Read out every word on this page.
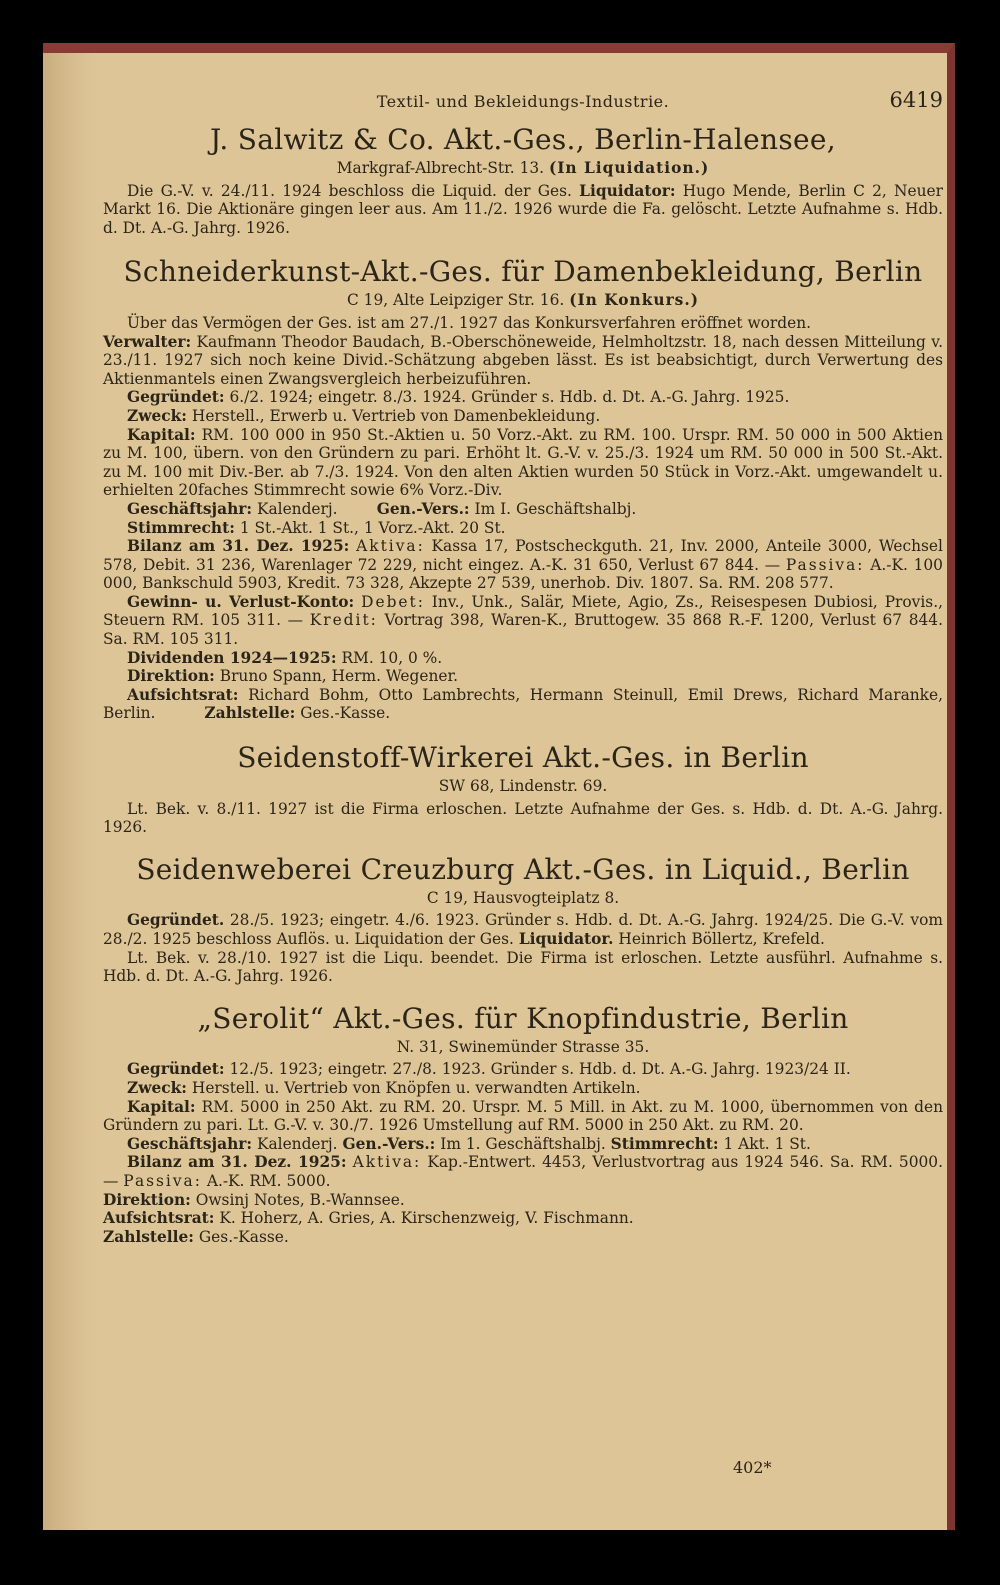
Textil- und Bekleidungs-Industrie.	6419
J. Salwitz & Co. Akt.-Ges., Berlin-Halensee,
Markgraf-Albrecht-Str. 13. (In Liquidation.)

Die G.-V. v. 24./11. 1924 beschloss die Liquid. der Ges. Liquidator: Hugo Mende, Berlin C 2, Neuer Markt 16. Die Aktionäre gingen leer aus. Am 11./2. 1926 wurde die Fa. gelöscht. Letzte Aufnahme s. Hdb. d. Dt. A.-G. Jahrg. 1926.

Schneiderkunst-Akt.-Ges. für Damenbekleidung, Berlin
C 19, Alte Leipziger Str. 16. (In Konkurs.)

Über das Vermögen der Ges. ist am 27./1. 1927 das Konkursverfahren eröffnet worden.

Verwalter: Kaufmann Theodor Baudach, B.-Oberschöneweide, Helmholtzstr. 18, nach dessen Mitteilung v. 23./11. 1927 sich noch keine Divid.-Schätzung abgeben lässt. Es ist beabsichtigt, durch Verwertung des Aktienmantels einen Zwangsvergleich herbeizuführen.

Gegründet: 6./2. 1924; eingetr. 8./3. 1924. Gründer s. Hdb. d. Dt. A.-G. Jahrg. 1925.

Zweck: Herstell., Erwerb u. Vertrieb von Damenbekleidung.

Kapital: RM. 100 000 in 950 St.-Aktien u. 50 Vorz.-Akt. zu RM. 100. Urspr. RM. 50 000 in 500 Aktien zu M. 100, übern. von den Gründern zu pari. Erhöht lt. G.-V. v. 25./3. 1924 um RM. 50 000 in 500 St.-Akt. zu M. 100 mit Div.-Ber. ab 7./3. 1924. Von den alten Aktien wurden 50 Stück in Vorz.-Akt. umgewandelt u. erhielten 20faches Stimmrecht sowie 6% Vorz.-Div.

Geschäftsjahr: Kalenderj.	Gen.-Vers.: Im I. Geschäftshalbj.

Stimmrecht: 1 St.-Akt. 1 St., 1 Vorz.-Akt. 20 St.

Bilanz am 31. Dez. 1925: Aktiva: Kassa 17, Postscheckguth. 21, Inv. 2000, Anteile 3000, Wechsel 578, Debit. 31 236, Warenlager 72 229, nicht eingez. A.-K. 31 650, Verlust 67 844. — Passiva: A.-K. 100 000, Bankschuld 5903, Kredit. 73 328, Akzepte 27 539, unerhob. Div. 1807. Sa. RM. 208 577.

Gewinn- u. Verlust-Konto: Debet: Inv., Unk., Salär, Miete, Agio, Zs., Reisespesen Dubiosi, Provis., Steuern RM. 105 311. — Kredit: Vortrag 398, Waren-K., Bruttogew. 35 868 R.-F. 1200, Verlust 67 844. Sa. RM. 105 311.

Dividenden 1924—1925: RM. 10, 0 %.

Direktion: Bruno Spann, Herm. Wegener.

Aufsichtsrat: Richard Bohm, Otto Lambrechts, Hermann Steinull, Emil Drews, Richard Maranke, Berlin.	Zahlstelle: Ges.-Kasse.

Seidenstoff-Wirkerei Akt.-Ges. in Berlin
SW 68, Lindenstr. 69.

Lt. Bek. v. 8./11. 1927 ist die Firma erloschen. Letzte Aufnahme der Ges. s. Hdb. d. Dt. A.-G. Jahrg. 1926.

Seidenweberei Creuzburg Akt.-Ges. in Liquid., Berlin
C 19, Hausvogteiplatz 8.

Gegründet. 28./5. 1923; eingetr. 4./6. 1923. Gründer s. Hdb. d. Dt. A.-G. Jahrg. 1924/25. Die G.-V. vom 28./2. 1925 beschloss Auflös. u. Liquidation der Ges. Liquidator. Heinrich Böllertz, Krefeld.

Lt. Bek. v. 28./10. 1927 ist die Liqu. beendet. Die Firma ist erloschen. Letzte ausführl. Aufnahme s. Hdb. d. Dt. A.-G. Jahrg. 1926.

„Serolit“ Akt.-Ges. für Knopfindustrie, Berlin
N. 31, Swinemünder Strasse 35.

Gegründet: 12./5. 1923; eingetr. 27./8. 1923. Gründer s. Hdb. d. Dt. A.-G. Jahrg. 1923/24 II.

Zweck: Herstell. u. Vertrieb von Knöpfen u. verwandten Artikeln.

Kapital: RM. 5000 in 250 Akt. zu RM. 20. Urspr. M. 5 Mill. in Akt. zu M. 1000, übernommen von den Gründern zu pari. Lt. G.-V. v. 30./7. 1926 Umstellung auf RM. 5000 in 250 Akt. zu RM. 20.

Geschäftsjahr: Kalenderj. Gen.-Vers.: Im 1. Geschäftshalbj. Stimmrecht: 1 Akt. 1 St.

Bilanz am 31. Dez. 1925: Aktiva: Kap.-Entwert. 4453, Verlustvortrag aus 1924 546. Sa. RM. 5000. — Passiva: A.-K. RM. 5000.

Direktion: Owsinj Notes, B.-Wannsee.

Aufsichtsrat: K. Hoherz, A. Gries, A. Kirschenzweig, V. Fischmann.

Zahlstelle: Ges.-Kasse.

402*
